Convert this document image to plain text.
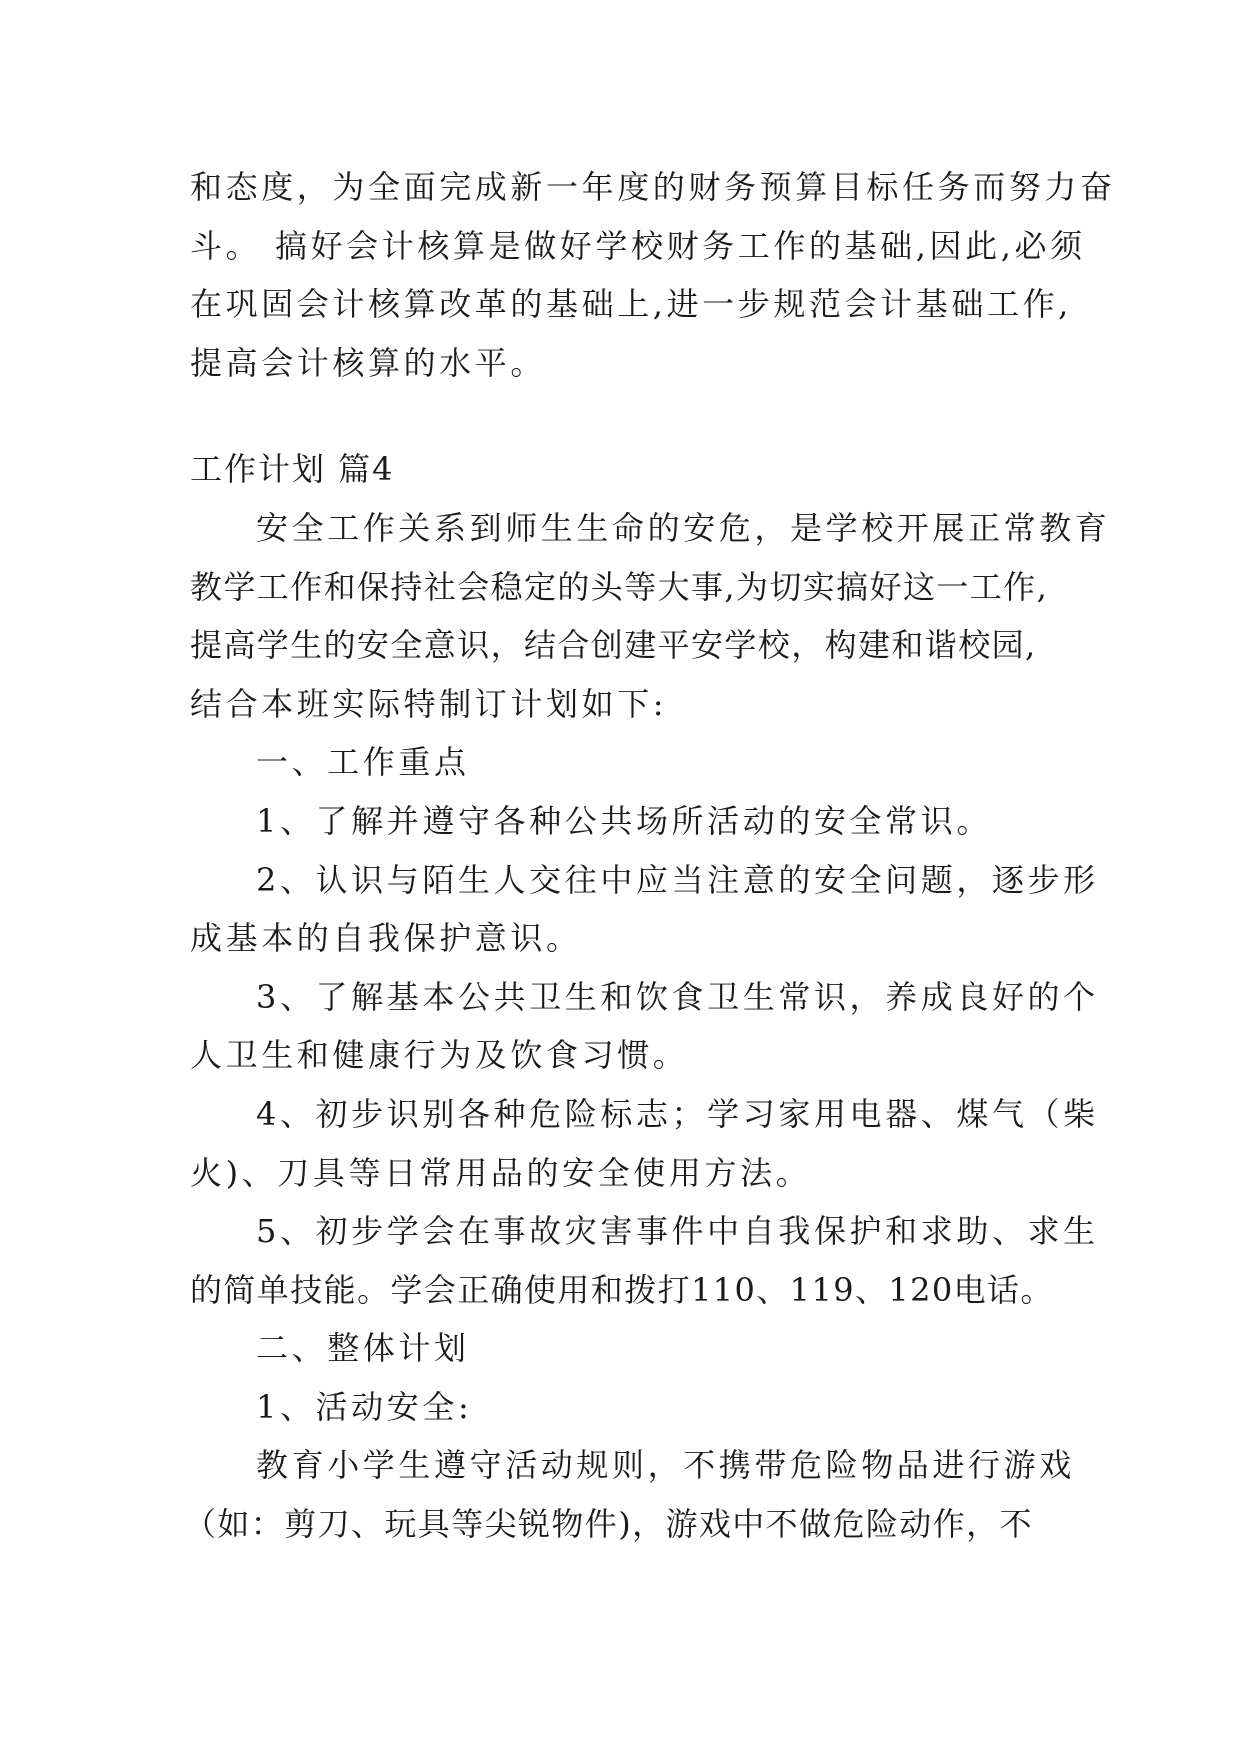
和态度，为全面完成新一年度的财务预算目标任务而努力奋
斗。 搞好会计核算是做好学校财务工作的基础,因此,必须
在巩固会计核算改革的基础上,进一步规范会计基础工作,
提高会计核算的水平。
工作计划 篇4
安全工作关系到师生生命的安危，是学校开展正常教育
教学工作和保持社会稳定的头等大事,为切实搞好这一工作,
提高学生的安全意识，结合创建平安学校，构建和谐校园,
结合本班实际特制订计划如下:
一、工作重点
1、了解并遵守各种公共场所活动的安全常识。
2、认识与陌生人交往中应当注意的安全问题，逐步形
成基本的自我保护意识。
3、了解基本公共卫生和饮食卫生常识，养成良好的个
人卫生和健康行为及饮食习惯。
4、初步识别各种危险标志；学习家用电器、煤气（柴
火)、刀具等日常用品的安全使用方法。
5、初步学会在事故灾害事件中自我保护和求助、求生
的简单技能。学会正确使用和拨打110、119、120电话。
二、整体计划
1、活动安全:
教育小学生遵守活动规则，不携带危险物品进行游戏
（如：剪刀、玩具等尖锐物件)，游戏中不做危险动作，不
